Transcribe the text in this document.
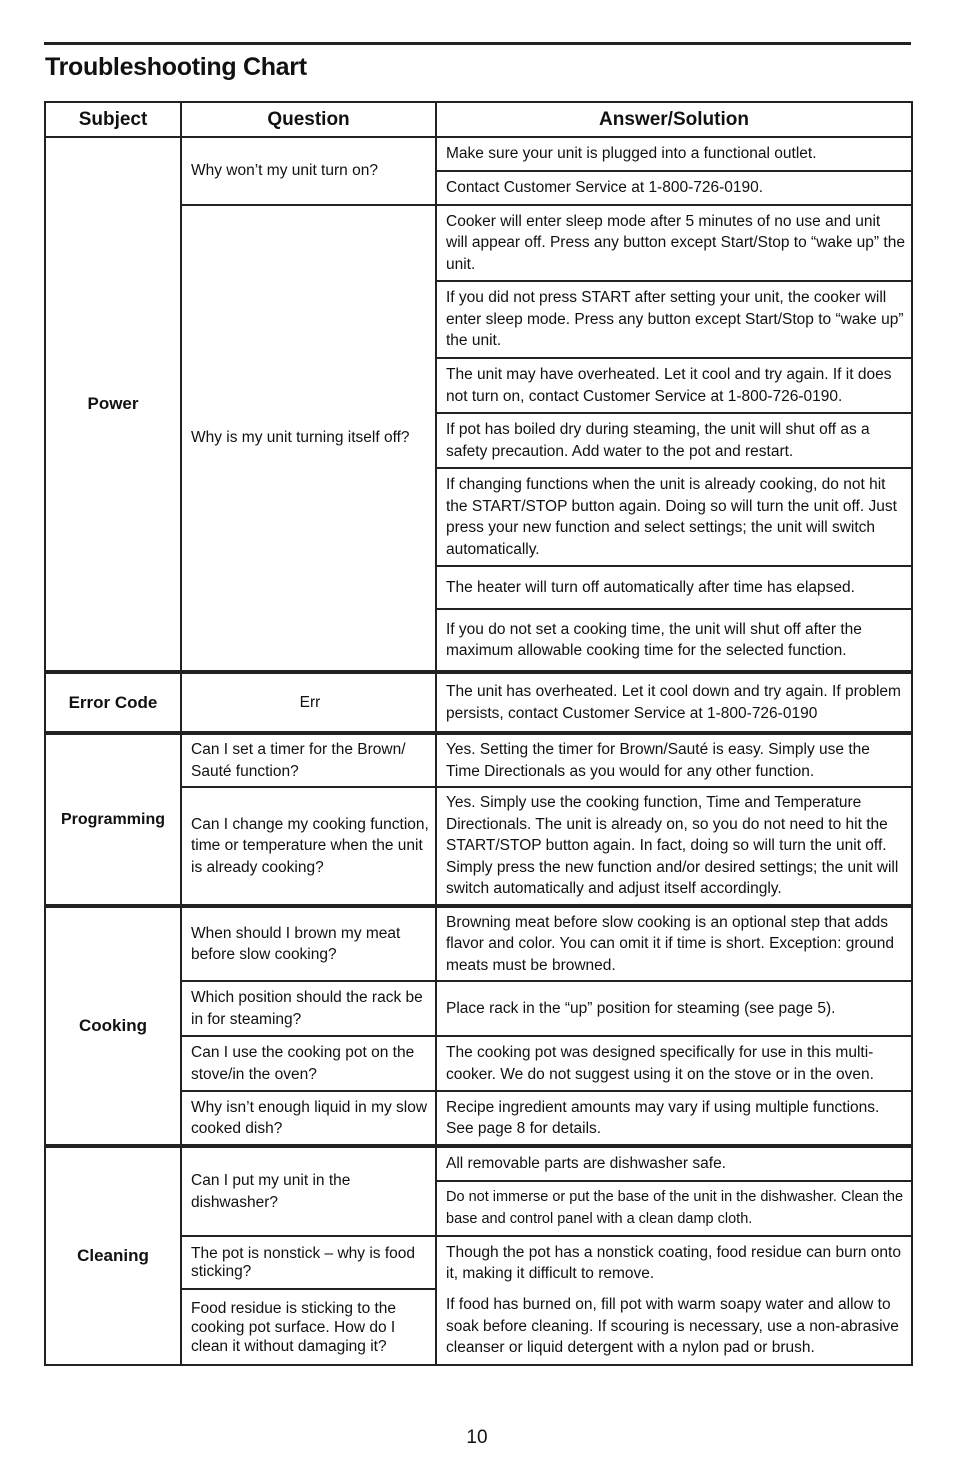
Troubleshooting Chart
Subject	Question	Answer/Solution
Power	Why won’t my unit turn on?	Make sure your unit is plugged into a functional outlet.
		Contact Customer Service at 1-800-726-0190.
	Why is my unit turning itself off?	Cooker will enter sleep mode after 5 minutes of no use and unit will appear off. Press any button except Start/Stop to “wake up” the unit.
		If you did not press START after setting your unit, the cooker will enter sleep mode. Press any button except Start/Stop to “wake up” the unit.
		The unit may have overheated. Let it cool and try again. If it does not turn on, contact Customer Service at 1-800-726-0190.
		If pot has boiled dry during steaming, the unit will shut off as a safety precaution. Add water to the pot and restart.
		If changing functions when the unit is already cooking, do not hit the START/STOP button again. Doing so will turn the unit off. Just press your new function and select settings; the unit will switch automatically.
		The heater will turn off automatically after time has elapsed.
		If you do not set a cooking time, the unit will shut off after the maximum allowable cooking time for the selected function.
Error Code	Err	The unit has overheated. Let it cool down and try again. If problem persists, contact Customer Service at 1-800-726-0190
Programming	Can I set a timer for the Brown/ Sauté function?	Yes. Setting the timer for Brown/Sauté is easy. Simply use the Time Directionals as you would for any other function.
	Can I change my cooking function, time or temperature when the unit is already cooking?	Yes. Simply use the cooking function, Time and Temperature Directionals. The unit is already on, so you do not need to hit the START/STOP button again. In fact, doing so will turn the unit off. Simply press the new function and/or desired settings; the unit will switch automatically and adjust itself accordingly.
Cooking	When should I brown my meat before slow cooking?	Browning meat before slow cooking is an optional step that adds flavor and color. You can omit it if time is short. Exception: ground meats must be browned.
	Which position should the rack be in for steaming?	Place rack in the “up” position for steaming (see page 5).
	Can I use the cooking pot on the stove/in the oven?	The cooking pot was designed specifically for use in this multi-cooker. We do not suggest using it on the stove or in the oven.
	Why isn’t enough liquid in my slow cooked dish?	Recipe ingredient amounts may vary if using multiple functions. See page 8 for details.
Cleaning	Can I put my unit in the dishwasher?	All removable parts are dishwasher safe.
		Do not immerse or put the base of the unit in the dishwasher. Clean the base and control panel with a clean damp cloth.
	The pot is nonstick – why is food sticking?	Though the pot has a nonstick coating, food residue can burn onto it, making it difficult to remove.
	Food residue is sticking to the cooking pot surface. How do I clean it without damaging it?	If food has burned on, fill pot with warm soapy water and allow to soak before cleaning. If scouring is necessary, use a non-abrasive cleanser or liquid detergent with a nylon pad or brush.
10
